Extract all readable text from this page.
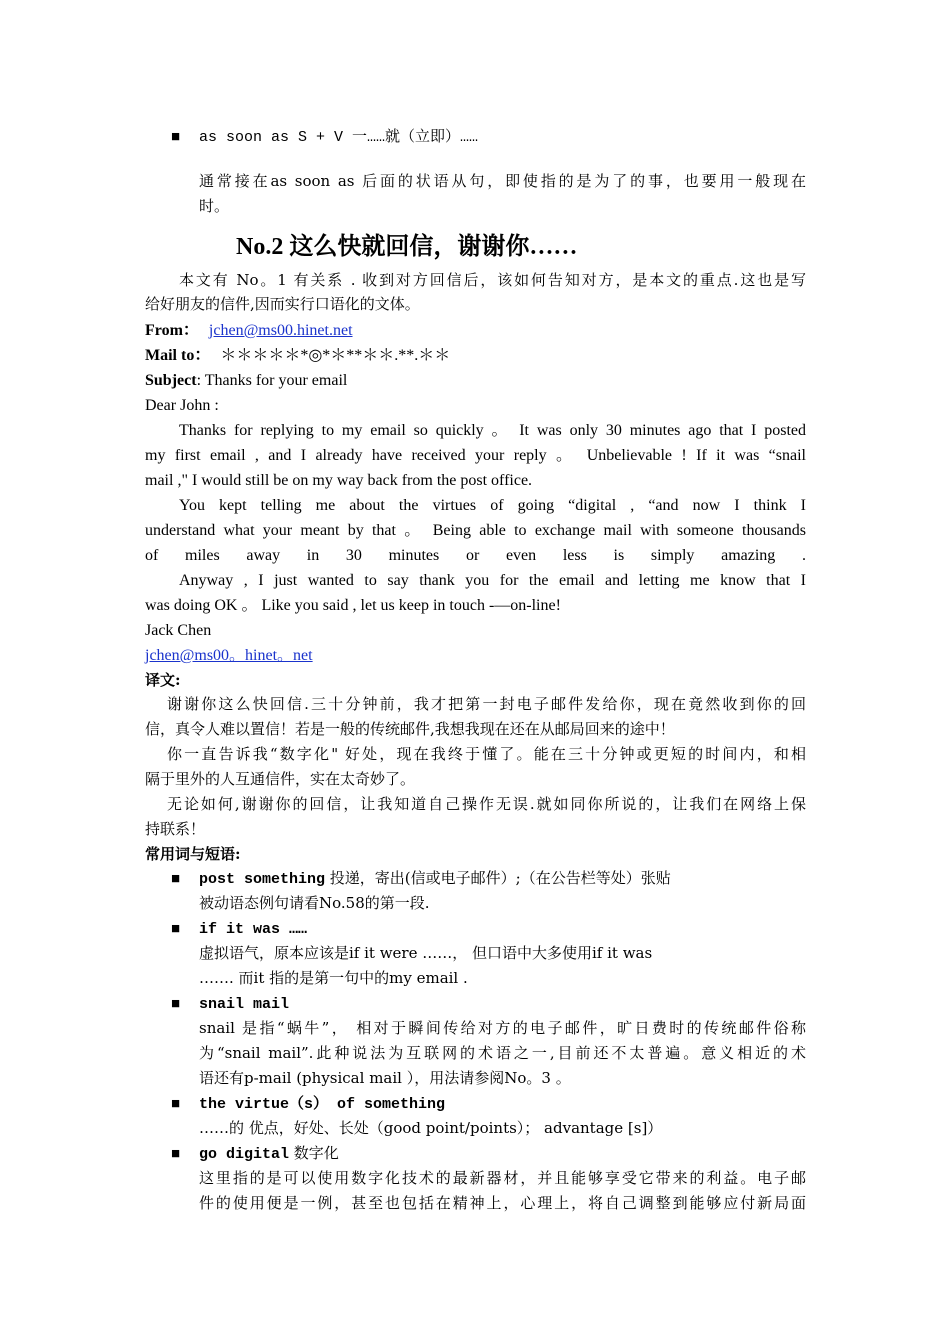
■
as soon as S + V 一……就（立即）……
通常接在as soon as 后面的状语从句，即使指的是为了的事，也要用一般现在
时。
No.2 这么快就回信，谢谢你……
本文有 No。1 有关系 . 收到对方回信后，该如何告知对方，是本文的重点.这也是写
给好朋友的信件,因而实行口语化的文体。
From： jchen@ms00.hinet.net
Mail to： ＊＊＊＊＊*◎*＊**＊＊.**.＊＊
Subject: Thanks for your email
Dear John :
Thanks for replying to my email so quickly 。 It was only 30 minutes ago that I posted
my first email , and I already have received your reply 。 Unbelievable ! If it was “snail
mail ," I would still be on my way back from the post office.
You kept telling me about the virtues of going “digital , “and now I think I
understand what your meant by that 。 Being able to exchange mail with someone thousands
of miles away in 30 minutes or even less is simply amazing .
Anyway , I just wanted to say thank you for the email and letting me know that I
was doing OK 。 Like you said , let us keep in touch -—on-line!
Jack Chen
jchen@ms00。hinet。net
译文:
谢谢你这么快回信.三十分钟前，我才把第一封电子邮件发给你，现在竟然收到你的回
信，真令人难以置信！若是一般的传统邮件,我想我现在还在从邮局回来的途中！
你一直告诉我“数字化" 好处，现在我终于懂了。能在三十分钟或更短的时间内，和相
隔于里外的人互通信件，实在太奇妙了。
无论如何,谢谢你的回信，让我知道自己操作无误.就如同你所说的，让我们在网络上保
持联系！
常用词与短语:
■
post something 投递，寄出(信或电子邮件）;（在公告栏等处）张贴
被动语态例句请看No.58的第一段.
■
if it was ……
虚拟语气，原本应该是if it were ……， 但口语中大多使用if it was
……. 而it 指的是第一句中的my email .
■
snail mail
snail 是指“蜗牛”， 相对于瞬间传给对方的电子邮件，旷日费时的传统邮件俗称
为“snail mail”.此种说法为互联网的术语之一,目前还不太普遍。意义相近的术
语还有p-mail (physical mail ），用法请参阅No。3 。
■
the virtue（s） of something
……的 优点，好处、长处（good point/points）； advantage [s]）
■
go digital 数字化
这里指的是可以使用数字化技术的最新器材，并且能够享受它带来的利益。电子邮
件的使用便是一例，甚至也包括在精神上，心理上，将自己调整到能够应付新局面
